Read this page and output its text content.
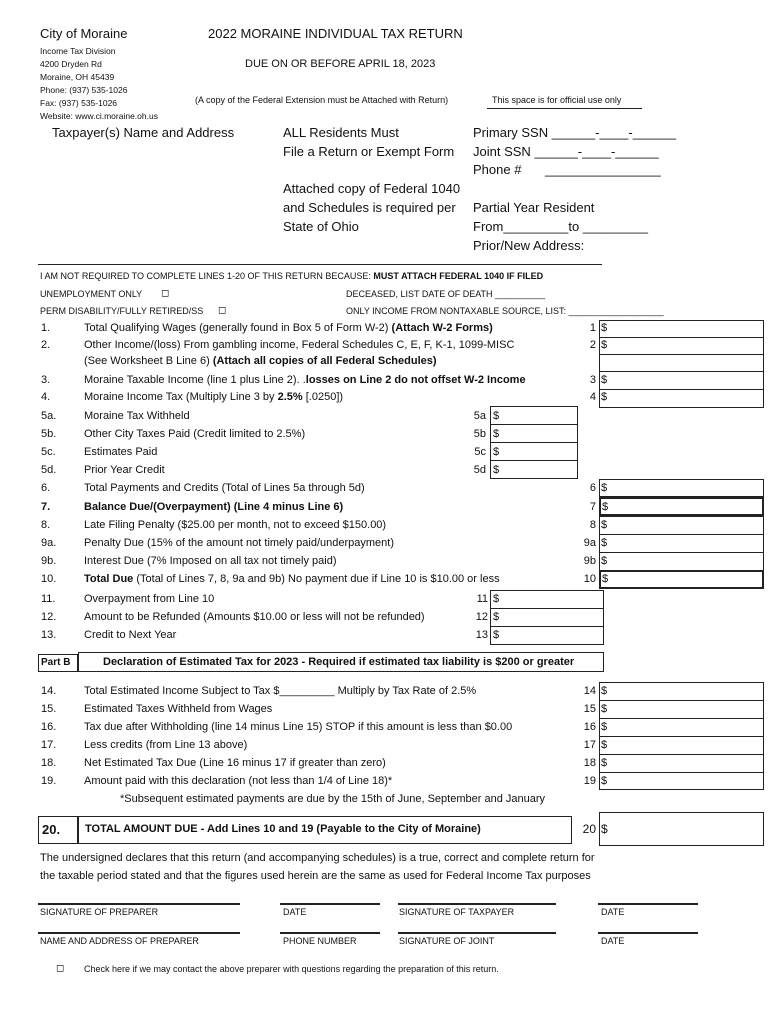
City of Moraine	2022 MORAINE INDIVIDUAL TAX RETURN
Income Tax Division
4200 Dryden Rd
Moraine, OH 45439
Phone: (937) 535-1026
Fax: (937) 535-1026
Website: www.ci.moraine.oh.us
DUE ON OR BEFORE APRIL 18, 2023
(A copy of the Federal Extension must be Attached with Return)	This space is for official use only
Taxpayer(s) Name and Address	ALL Residents Must
File a Return or Exempt Form
Attached copy of Federal 1040
and Schedules is required per
State of Ohio
Primary SSN ______-____-______
Joint SSN ______-____-______
Phone # ________________
Partial Year Resident
From_________to _________
Prior/New Address:
I AM NOT REQUIRED TO COMPLETE LINES 1-20 OF THIS RETURN BECAUSE: MUST ATTACH FEDERAL 1040 IF FILED
UNEMPLOYMENT ONLY ◻	DECEASED, LIST DATE OF DEATH __________
PERM DISABILITY/FULLY RETIRED/SS ◻	ONLY INCOME FROM NONTAXABLE SOURCE, LIST: ___________________
1.	Total Qualifying Wages (generally found in Box 5 of Form W-2) (Attach W-2 Forms)
2.	Other Income/(loss) From gambling income, Federal Schedules C, E, F, K-1, 1099-MISC
(See Worksheet B Line 6) (Attach all copies of all Federal Schedules)
3.	Moraine Taxable Income (line 1 plus Line 2). .losses on Line 2 do not offset W-2 Income
4.	Moraine Income Tax (Multiply Line 3 by 2.5% [.0250])
1 $
2 $
3 $
4 $
5a.	Moraine Tax Withheld
5b.	Other City Taxes Paid (Credit limited to 2.5%)
5c.	Estimates Paid
5d.	Prior Year Credit
5a $
5b $
5c $
5d $
6.	Total Payments and Credits (Total of Lines 5a through 5d)
7.	Balance Due/(Overpayment) (Line 4 minus Line 6)
8.	Late Filing Penalty ($25.00 per month, not to exceed $150.00)
9a.	Penalty Due (15% of the amount not timely paid/underpayment)
9b.	Interest Due (7% Imposed on all tax not timely paid)
10.	Total Due (Total of Lines 7, 8, 9a and 9b) No payment due if Line 10 is $10.00 or less
6 $
7 $
8 $
9a $
9b $
10 $
11.	Overpayment from Line 10
12.	Amount to be Refunded (Amounts $10.00 or less will not be refunded)
13.	Credit to Next Year
11 $
12 $
13 $
Part B	Declaration of Estimated Tax for 2023 - Required if estimated tax liability is $200 or greater
14.	Total Estimated Income Subject to Tax $_________ Multiply by Tax Rate of 2.5%
15.	Estimated Taxes Withheld from Wages
16.	Tax due after Withholding (line 14 minus Line 15) STOP if this amount is less than $0.00
17.	Less credits (from Line 13 above)
18.	Net Estimated Tax Due (Line 16 minus 17 if greater than zero)
19.	Amount paid with this declaration (not less than 1/4 of Line 18)*
*Subsequent estimated payments are due by the 15th of June, September and January
14 $
15 $
16 $
17 $
18 $
19 $
20. TOTAL AMOUNT DUE - Add Lines 10 and 19 (Payable to the City of Moraine)	20 $
The undersigned declares that this return (and accompanying schedules) is a true, correct and complete return for
the taxable period stated and that the figures used herein are the same as used for Federal Income Tax purposes
SIGNATURE OF PREPARER	DATE	SIGNATURE OF TAXPAYER	DATE
NAME AND ADDRESS OF PREPARER	PHONE NUMBER	SIGNATURE OF JOINT	DATE
◻ Check here if we may contact the above preparer with questions regarding the preparation of this return.
